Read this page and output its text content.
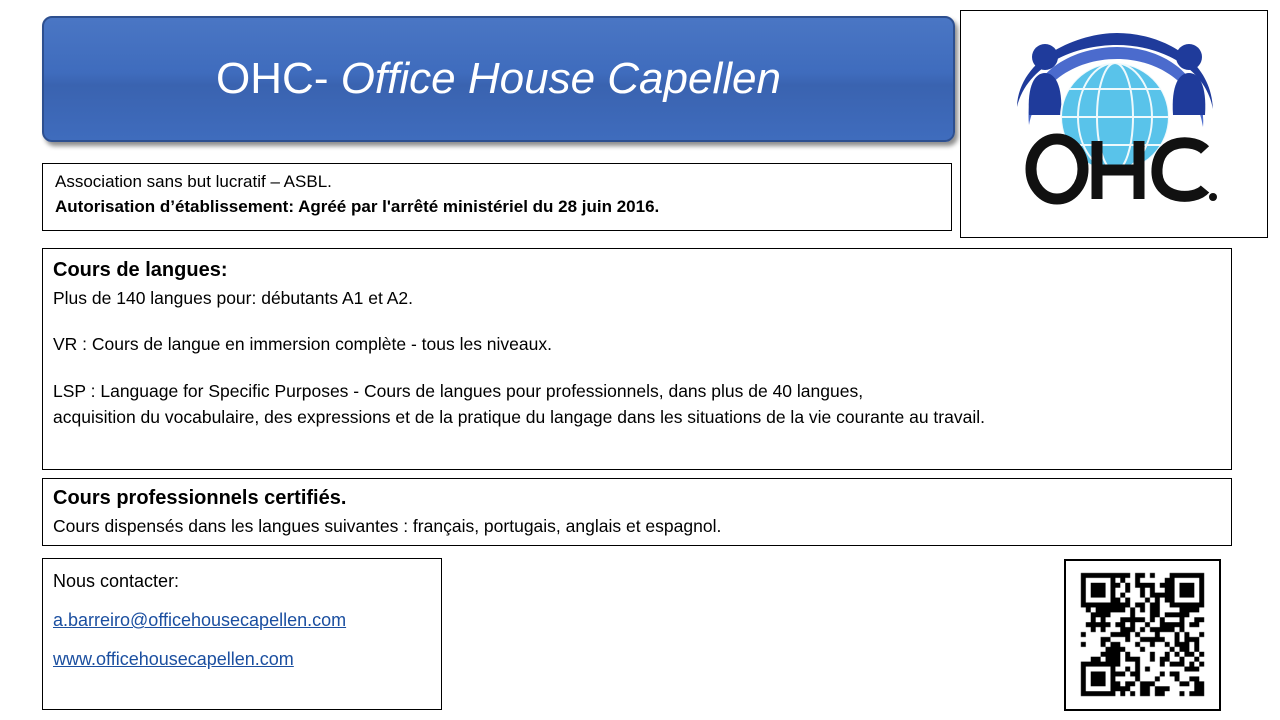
OHC- Office House Capellen
Association sans but lucratif – ASBL.
Autorisation d’établissement: Agréé par l'arrêté ministériel du 28 juin 2016.
Cours de langues:
Plus de 140 langues pour: débutants A1 et A2.
VR : Cours de langue en immersion complète - tous les niveaux.
LSP : Language for Specific Purposes - Cours de langues pour professionnels, dans plus de 40 langues,
acquisition du vocabulaire, des expressions et de la pratique du langage dans les situations de la vie courante au travail.
Cours professionnels certifiés.
Cours dispensés dans les langues suivantes : français, portugais, anglais et espagnol.
Nous contacter:
a.barreiro@officehousecapellen.com
www.officehousecapellen.com
